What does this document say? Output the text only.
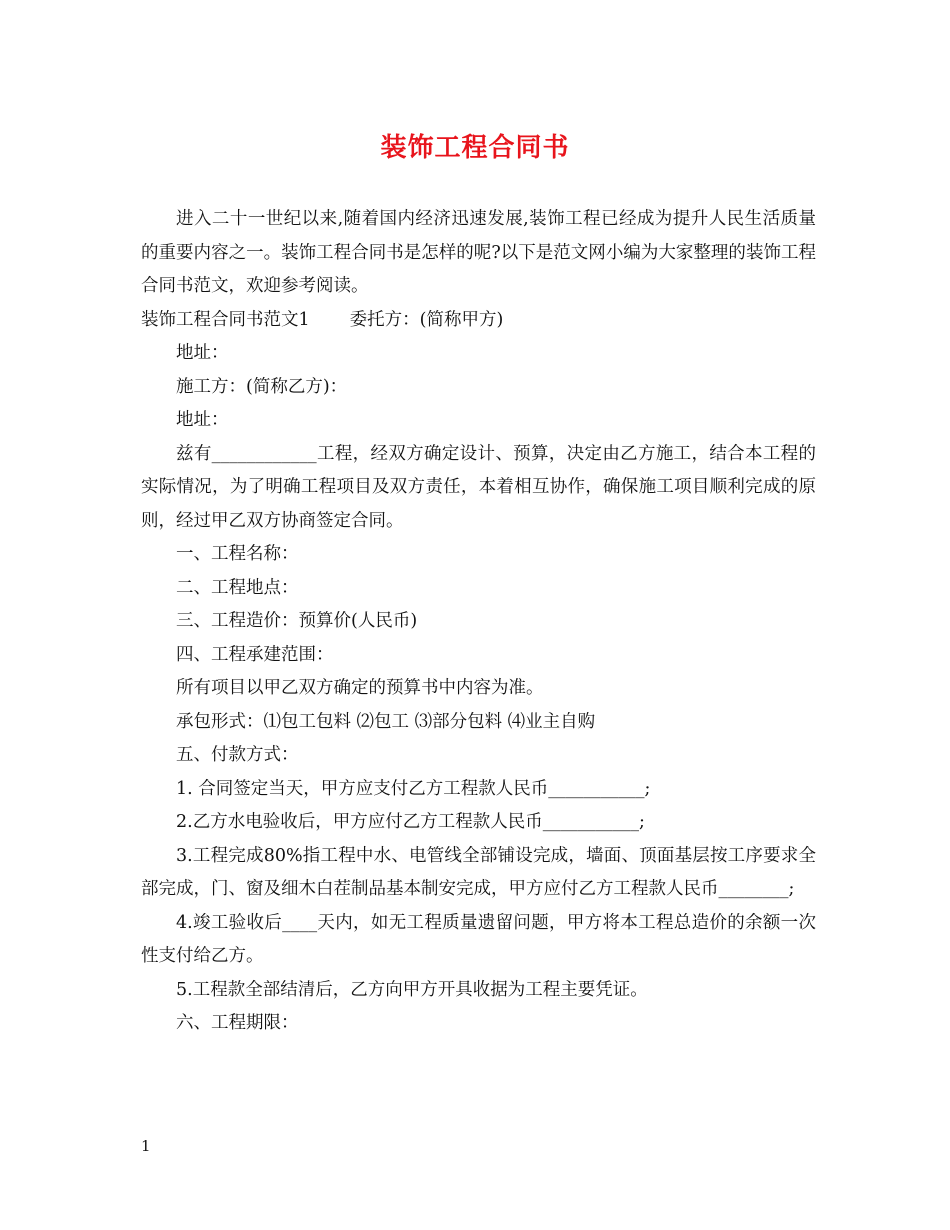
装饰工程合同书

进入二十一世纪以来,随着国内经济迅速发展,装饰工程已经成为提升人民生活质量的重要内容之一。装饰工程合同书是怎样的呢?以下是范文网小编为大家整理的装饰工程合同书范文，欢迎参考阅读。

装饰工程合同书范文1 委托方：(简称甲方)

地址：

施工方：(简称乙方)：

地址：

兹有____________工程，经双方确定设计、预算，决定由乙方施工，结合本工程的实际情况，为了明确工程项目及双方责任，本着相互协作，确保施工项目顺利完成的原则，经过甲乙双方协商签定合同。

一、工程名称：

二、工程地点：

三、工程造价：预算价(人民币)

四、工程承建范围：

所有项目以甲乙双方确定的预算书中内容为准。

承包形式：⑴包工包料 ⑵包工 ⑶部分包料 ⑷业主自购

五、付款方式：

1. 合同签定当天，甲方应支付乙方工程款人民币___________;

2.乙方水电验收后，甲方应付乙方工程款人民币___________;

3.工程完成80%指工程中水、电管线全部铺设完成，墙面、顶面基层按工序要求全部完成，门、窗及细木白茬制品基本制安完成，甲方应付乙方工程款人民币________;

4.竣工验收后____天内，如无工程质量遗留问题，甲方将本工程总造价的余额一次性支付给乙方。

5.工程款全部结清后，乙方向甲方开具收据为工程主要凭证。

六、工程期限：

1
